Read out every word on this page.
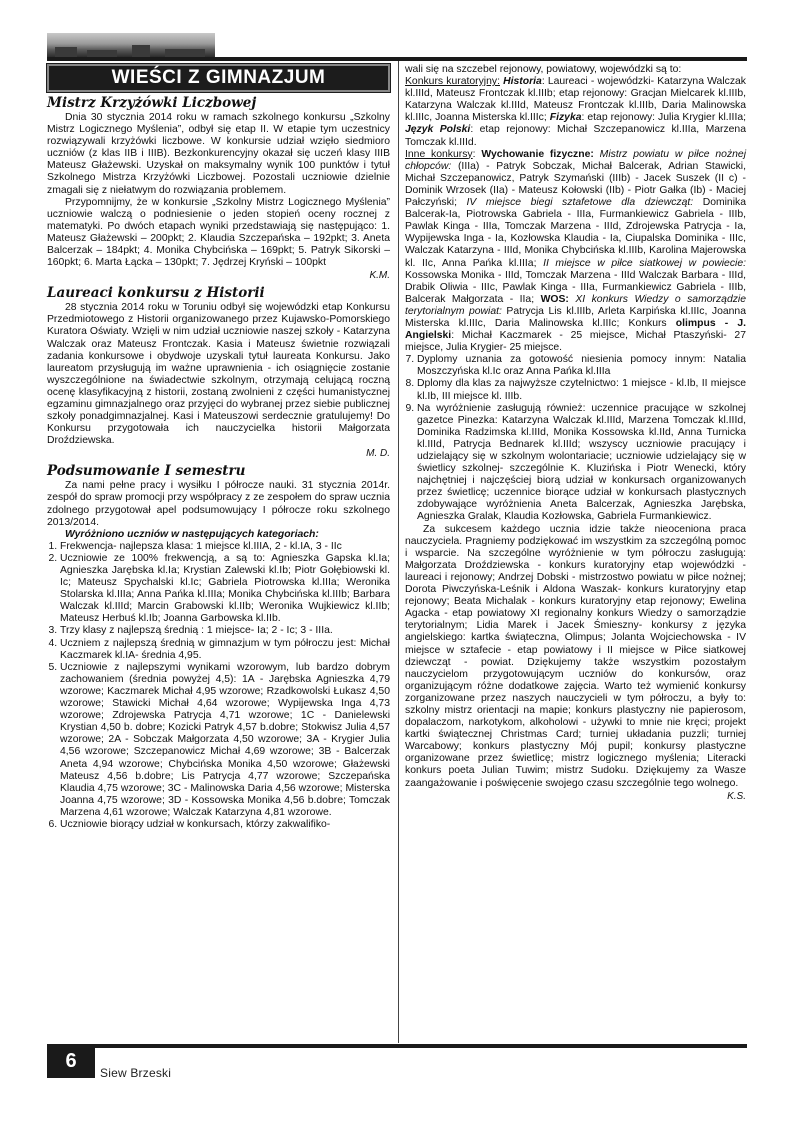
WIEŚCI Z GIMNAZJUM
Mistrz Krzyżówki Liczbowej

Dnia 30 stycznia 2014 roku w ramach szkolnego konkursu „Szkolny Mistrz Logicznego Myślenia”, odbył się etap II. W etapie tym uczestnicy rozwiązywali krzyżówki liczbowe. W konkursie udział wzięło siedmioro uczniów (z klas IIB i IIIB). Bezkonkurencyjny okazał się uczeń klasy IIIB Mateusz Głażewski. Uzyskał on maksymalny wynik 100 punktów i tytuł Szkolnego Mistrza Krzyżówki Liczbowej. Pozostali uczniowie dzielnie zmagali się z niełatwym do rozwiązania problemem.

Przypomnijmy, że w konkursie „Szkolny Mistrz Logicznego Myślenia” uczniowie walczą o podniesienie o jeden stopień oceny rocznej z matematyki. Po dwóch etapach wyniki przedstawiają się następująco: 1. Mateusz Głażewski – 200pkt; 2. Klaudia Szczepańska – 192pkt; 3. Aneta Balcerzak – 184pkt; 4. Monika Chybcińska – 169pkt; 5. Patryk Sikorski – 160pkt; 6. Marta Łącka – 130pkt; 7. Jędrzej Kryński – 100pkt

K.M.
Laureaci konkursu z Historii

28 stycznia 2014 roku w Toruniu odbył się wojewódzki etap Konkursu Przedmiotowego z Historii organizowanego przez Kujawsko-Pomorskiego Kuratora Oświaty. Wzięli w nim udział uczniowie naszej szkoły - Katarzyna Walczak oraz Mateusz Frontczak. Kasia i Mateusz świetnie rozwiązali zadania konkursowe i obydwoje uzyskali tytuł laureata Konkursu. Jako laureatom przysługują im ważne uprawnienia - ich osiągnięcie zostanie wyszczególnione na świadectwie szkolnym, otrzymają celującą roczną ocenę klasyfikacyjną z historii, zostaną zwolnieni z części humanistycznej egzaminu gimnazjalnego oraz przyjęci do wybranej przez siebie publicznej szkoły ponadgimnazjalnej. Kasi i Mateuszowi serdecznie gratulujemy! Do Konkursu przygotowała ich nauczycielka historii Małgorzata Droździewska.

M. D.
Podsumowanie I semestru

Za nami pełne pracy i wysiłku I półrocze nauki. 31 stycznia 2014r. zespół do spraw promocji przy współpracy z ze zespołem do spraw ucznia zdolnego przygotował apel podsumowujący I półrocze roku szkolnego 2013/2014.

Wyróżniono uczniów w następujących kategoriach:

1. Frekwencja- najlepsza klasa: 1 miejsce kl.IIIA, 2 - kl.IA, 3 - IIc
2. Uczniowie ze 100% frekwencją, a są to: Agnieszka Gapska kl.Ia; Agnieszka Jarębska kl.Ia; Krystian Zalewski kl.Ib; Piotr Gołębiowski kl. Ic; Mateusz Spychalski kl.Ic; Gabriela Piotrowska kl.IIIa; Weronika Stolarska kl.IIIa; Anna Pańka kl.IIIa; Monika Chybcińska kl.IIIb; Barbara Walczak kl.IIId; Marcin Grabowski kl.IIb; Weronika Wujkiewicz kl.IIb; Mateusz Herbuś kl.Ib; Joanna Garbowska kl.IIb.
3. Trzy klasy z najlepszą średnią : 1 miejsce- Ia; 2 - Ic; 3 - IIIa.
4. Uczniem z najlepszą średnią w gimnazjum w tym półroczu jest: Michał Kaczmarek kl.IA- średnia 4,95.
5. Uczniowie z najlepszymi wynikami wzorowym, lub bardzo dobrym zachowaniem (średnia powyżej 4,5): 1A - Jarębska Agnieszka 4,79 wzorowe; Kaczmarek Michał 4,95 wzorowe; Rzadkowolski Łukasz 4,50 wzorowe; Stawicki Michał 4,64 wzorowe; Wypijewska Inga 4,73 wzorowe; Zdrojewska Patrycja 4,71 wzorowe; 1C - Danielewski Krystian 4,50 b. dobre; Kozicki Patryk 4,57 b.dobre; Stokwisz Julia 4,57 wzorowe; 2A - Sobczak Małgorzata 4,50 wzorowe; 3A - Krygier Julia 4,56 wzorowe; Szczepanowicz Michał 4,69 wzorowe; 3B - Balcerzak Aneta 4,94 wzorowe; Chybcińska Monika 4,50 wzorowe; Głażewski Mateusz 4,56 b.dobre; Lis Patrycja 4,77 wzorowe; Szczepańska Klaudia 4,75 wzorowe; 3C - Malinowska Daria 4,56 wzorowe; Misterska Joanna 4,75 wzorowe; 3D - Kossowska Monika 4,56 b.dobre; Tomczak Marzena 4,61 wzorowe; Walczak Katarzyna 4,81 wzorowe.
6. Uczniowie biorący udział w konkursach, którzy zakwalifiko-

wali się na szczebel rejonowy, powiatowy, wojewódzki są to:

Konkurs kuratoryjny: Historia: Laureaci - wojewódzki- Katarzyna Walczak kl.IIId, Mateusz Frontczak kl.IIIb; etap rejonowy: Gracjan Mielcarek kl.IIIb, Katarzyna Walczak kl.IIId, Mateusz Frontczak kl.IIIb, Daria Malinowska kl.IIIc, Joanna Misterska kl.IIIc; Fizyka: etap rejonowy: Julia Krygier kl.IIIa; Język Polski: etap rejonowy: Michał Szczepanowicz kl.IIIa, Marzena Tomczak kl.IIId.

Inne konkursy: Wychowanie fizyczne: Mistrz powiatu w piłce nożnej chłopców: (IIIa) - Patryk Sobczak, Michał Balcerak, Adrian Stawicki, Michał Szczepanowicz, Patryk Szymański (IIIb) - Jacek Suszek (II c) - Dominik Wrzosek (IIa) - Mateusz Kołowski (IIb) - Piotr Gałka (Ib) - Maciej Pałczyński; IV miejsce biegi sztafetowe dla dziewcząt: Dominika Balcerak-Ia, Piotrowska Gabriela - IIIa, Furmankiewicz Gabriela - IIIb, Pawlak Kinga - IIIa, Tomczak Marzena - IIId, Zdrojewska Patrycja - Ia, Wypijewska Inga - Ia, Kozłowska Klaudia - Ia, Ciupalska Dominika - IIIc, Walczak Katarzyna - IIId, Monika Chybcińska kl.IIIb, Karolina Majerowska kl. IIc, Anna Pańka kl.IIIa; II miejsce w piłce siatkowej w powiecie: Kossowska Monika - IIId, Tomczak Marzena - IIId Walczak Barbara - IIId, Drabik Oliwia - IIIc, Pawlak Kinga - IIIa, Furmankiewicz Gabriela - IIIb, Balcerak Małgorzata - IIa; WOS: XI konkurs Wiedzy o samorządzie terytorialnym powiat: Patrycja Lis kl.IIIb, Arleta Karpińska kl.IIIc, Joanna Misterska kl.IIIc, Daria Malinowska kl.IIIc; Konkurs olimpus - J. Angielski: Michał Kaczmarek - 25 miejsce, Michał Ptaszyński- 27 miejsce, Julia Krygier- 25 miejsce.

7. Dyplomy uznania za gotowość niesienia pomocy innym: Natalia Moszczyńska kl.Ic oraz Anna Pańka kl.IIIa
8. Dplomy dla klas za najwyższe czytelnictwo: 1 miejsce - kl.Ib, II miejsce kl.Ib, III miejsce kl. IIIb.
9. Na wyróżnienie zasługują również: uczennice pracujące w szkolnej gazetce Pinezka: Katarzyna Walczak kl.IIId, Marzena Tomczak kl.IIId, Dominika Radzimska kl.IIId, Monika Kossowska kl.IId, Anna Turnicka kl.IIId, Patrycja Bednarek kl.IIId; wszyscy uczniowie pracujący i udzielający się w szkolnym wolontariacie; uczniowie udzielający się w świetlicy szkolnej- szczególnie K. Kluzińska i Piotr Wenecki, który najchętniej i najczęściej biorą udział w konkursach organizowanych przez świetlicę; uczennice biorące udział w konkursach plastycznych zdobywające wyróżnienia Aneta Balcerzak, Agnieszka Jarębska, Agnieszka Gralak, Klaudia Kozłowska, Gabriela Furmankiewicz.

Za sukcesem każdego ucznia idzie także nieoceniona praca nauczyciela. Pragniemy podziękować im wszystkim za szczególną pomoc i wsparcie. Na szczególne wyróżnienie w tym półroczu zasługują: Małgorzata Droździewska - konkurs kuratoryjny etap wojewódzki - laureaci i rejonowy; Andrzej Dobski - mistrzostwo powiatu w piłce nożnej; Dorota Piwczyńska-Leśnik i Aldona Waszak- konkurs kuratoryjny etap rejonowy; Beata Michalak - konkurs kuratoryjny etap rejonowy; Ewelina Agacka - etap powiatowy XI regionalny konkurs Wiedzy o samorządzie terytorialnym; Lidia Marek i Jacek Śmieszny- konkursy z języka angielskiego: kartka świąteczna, Olimpus; Jolanta Wojciechowska - IV miejsce w sztafecie - etap powiatowy i II miejsce w Piłce siatkowej dziewcząt - powiat. Dziękujemy także wszystkim pozostałym nauczycielom przygotowującym uczniów do konkursów, oraz organizującym różne dodatkowe zajęcia. Warto też wymienić konkursy zorganizowane przez naszych nauczycieli w tym półroczu, a były to: szkolny mistrz orientacji na mapie; konkurs plastyczny nie papierosom, dopalaczom, narkotykom, alkoholowi - używki to mnie nie kręci; projekt kartki świątecznej Christmas Card; turniej układania puzzli; turniej Warcabowy; konkurs plastyczny Mój pupil; konkursy plastyczne organizowane przez świetlicę; mistrz logicznego myślenia; Literacki konkurs poeta Julian Tuwim; mistrz Sudoku. Dziękujemy za Wasze zaangażowanie i poświęcenie swojego czasu szczególnie tego wolnego.

K.S.
6
Siew Brzeski
